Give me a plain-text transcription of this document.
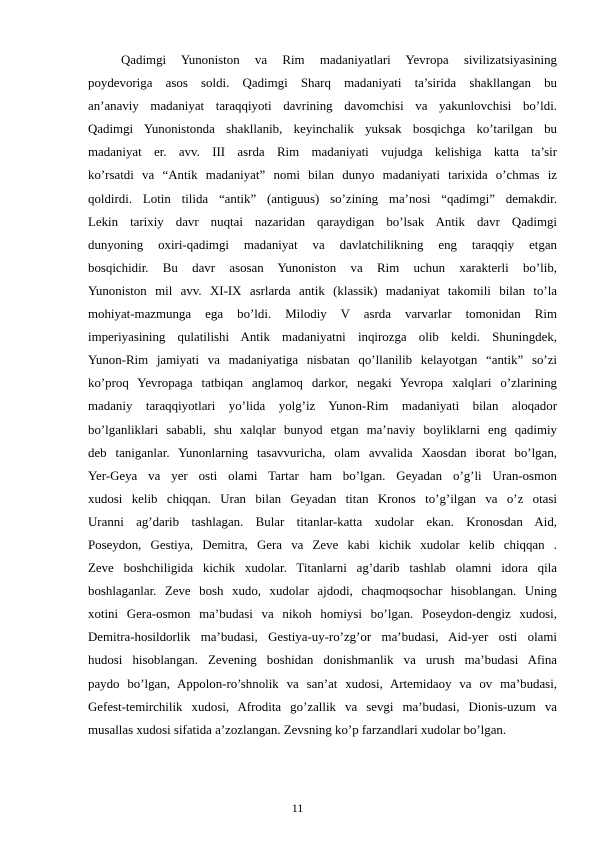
Qadimgi Yunoniston va Rim madaniyatlari Yevropa sivilizatsiyasining
poydevoriga asos soldi. Qadimgi Sharq madaniyati ta’sirida shakllangan bu
an’anaviy madaniyat taraqqiyoti davrining davomchisi va yakunlovchisi bo’ldi.
Qadimgi Yunonistonda shakllanib, keyinchalik yuksak bosqichga ko’tarilgan bu
madaniyat er. avv. III asrda Rim madaniyati vujudga kelishiga katta ta’sir
ko’rsatdi va “Antik madaniyat” nomi bilan dunyo madaniyati tarixida o’chmas iz
qoldirdi. Lotin tilida “antik” (antiguus) so’zining ma’nosi “qadimgi” demakdir.
Lekin tarixiy davr nuqtai nazaridan qaraydigan bo’lsak Antik davr Qadimgi
dunyoning oxiri-qadimgi madaniyat va davlatchilikning eng taraqqiy etgan
bosqichidir. Bu davr asosan Yunoniston va Rim uchun xarakterli bo’lib,
Yunoniston mil avv. XI-IX asrlarda antik (klassik) madaniyat takomili bilan to’la
mohiyat-mazmunga ega bo’ldi. Milodiy V asrda varvarlar tomonidan Rim
imperiyasining qulatilishi Antik madaniyatni inqirozga olib keldi. Shuningdek,
Yunon-Rim jamiyati va madaniyatiga nisbatan qo’llanilib kelayotgan “antik” so’zi
ko’proq Yevropaga tatbiqan anglamoq darkor, negaki Yevropa xalqlari o’zlarining
madaniy taraqqiyotlari yo’lida yolg’iz Yunon-Rim madaniyati bilan aloqador
bo’lganliklari sababli, shu xalqlar bunyod etgan ma’naviy boyliklarni eng qadimiy
deb taniganlar. Yunonlarning tasavvuricha, olam avvalida Xaosdan iborat bo’lgan,
Yer-Geya va yer osti olami Tartar ham bo’lgan. Geyadan o’g’li Uran-osmon
xudosi kelib chiqqan. Uran bilan Geyadan titan Kronos to’g’ilgan va o’z otasi
Uranni ag’darib tashlagan. Bular titanlar-katta xudolar ekan. Kronosdan Aid,
Poseydon, Gestiya, Demitra, Gera va Zeve kabi kichik xudolar kelib chiqqan .
Zeve boshchiligida kichik xudolar. Titanlarni ag’darib tashlab olamni idora qila
boshlaganlar. Zeve bosh xudo, xudolar ajdodi, chaqmoqsochar hisoblangan. Uning
xotini Gera-osmon ma’budasi va nikoh homiysi bo’lgan. Poseydon-dengiz xudosi,
Demitra-hosildorlik ma’budasi, Gestiya-uy-ro’zg’or ma’budasi, Aid-yer osti olami
hudosi hisoblangan. Zevening boshidan donishmanlik va urush ma’budasi Afina
paydo bo’lgan, Appolon-ro’shnolik va san’at xudosi, Artemidaoy va ov ma’budasi,
Gefest-temirchilik xudosi, Afrodita go’zallik va sevgi ma’budasi, Dionis-uzum va
musallas xudosi sifatida a’zozlangan. Zevsning ko’p farzandlari xudolar bo’lgan.
11
